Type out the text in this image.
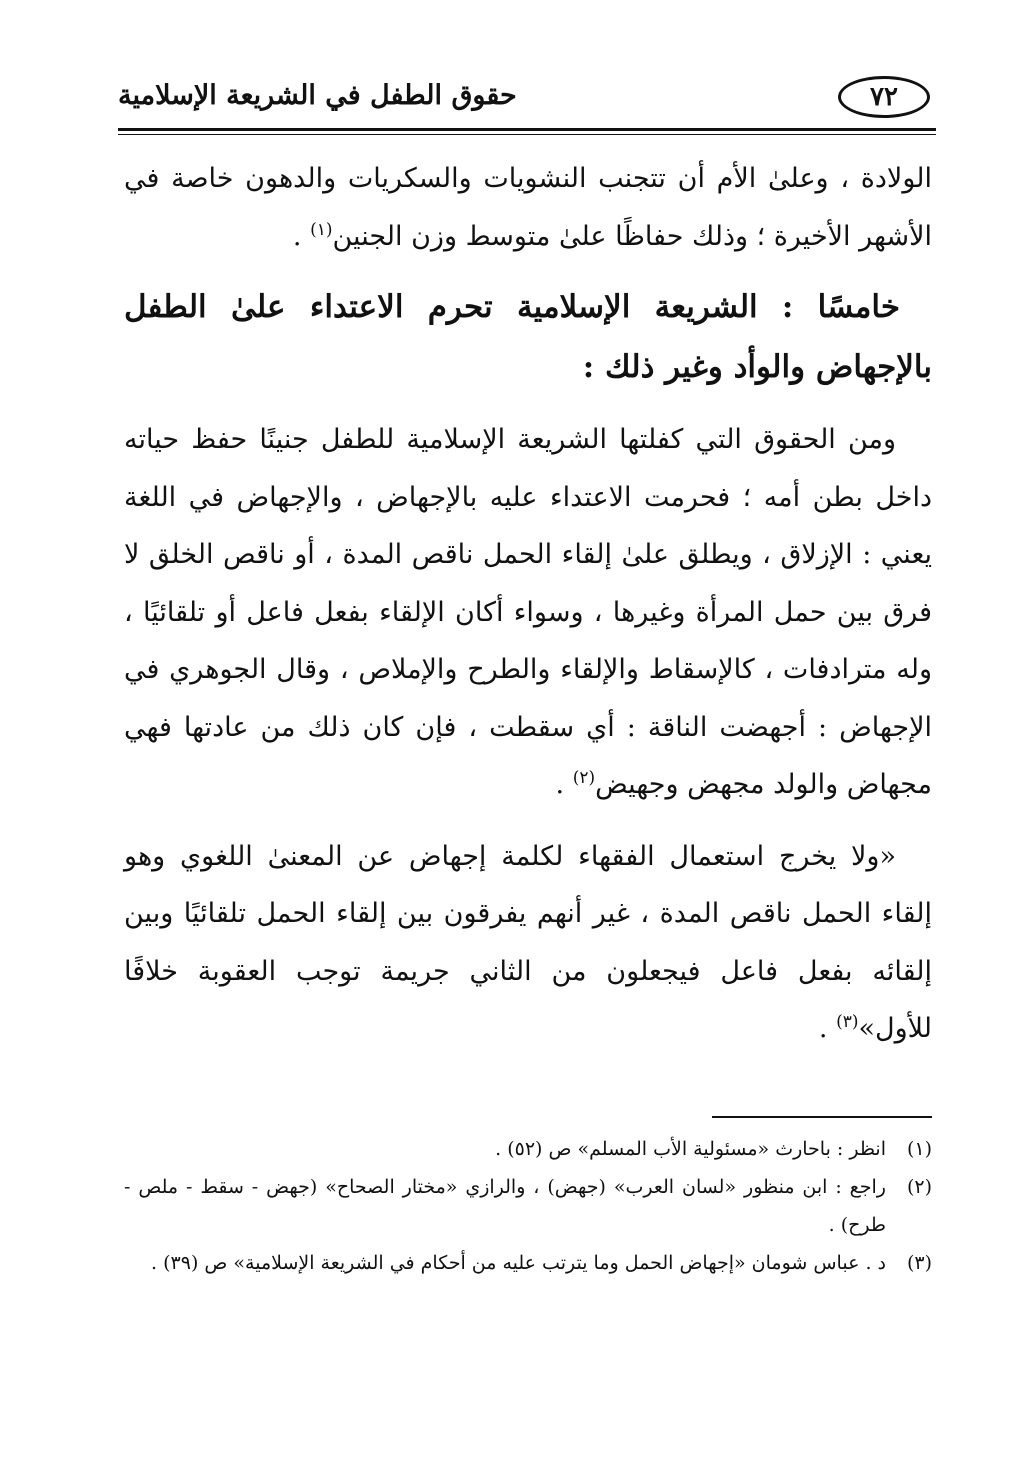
٧٢
حقوق الطفل في الشريعة الإسلامية

الولادة ، وعلىٰ الأم أن تتجنب النشويات والسكريات والدهون خاصة في الأشهر الأخيرة ؛ وذلك حفاظًا علىٰ متوسط وزن الجنين$^{(١)}$ .

خامسًا : الشريعة الإسلامية تحرم الاعتداء علىٰ الطفل بالإجهاض والوأد وغير ذلك :

ومن الحقوق التي كفلتها الشريعة الإسلامية للطفل جنينًا حفظ حياته داخل بطن أمه ؛ فحرمت الاعتداء عليه بالإجهاض ، والإجهاض في اللغة يعني : الإزلاق ، ويطلق علىٰ إلقاء الحمل ناقص المدة ، أو ناقص الخلق لا فرق بين حمل المرأة وغيرها ، وسواء أكان الإلقاء بفعل فاعل أو تلقائيًا ، وله مترادفات ، كالإسقاط والإلقاء والطرح والإملاص ، وقال الجوهري في الإجهاض : أجهضت الناقة : أي سقطت ، فإن كان ذلك من عادتها فهي مجهاض والولد مجهض وجهيض$^{(٢)}$ .

«ولا يخرج استعمال الفقهاء لكلمة إجهاض عن المعنىٰ اللغوي وهو إلقاء الحمل ناقص المدة ، غير أنهم يفرقون بين إلقاء الحمل تلقائيًا وبين إلقائه بفعل فاعل فيجعلون من الثاني جريمة توجب العقوبة خلافًا للأول»$^{(٣)}$ .

(١)انظر : باحارث «مسئولية الأب المسلم» ص (٥٢) .

(٢)راجع : ابن منظور «لسان العرب» (جهض) ، والرازي «مختار الصحاح» (جهض - سقط - ملص - طرح) .

(٣)د . عباس شومان «إجهاض الحمل وما يترتب عليه من أحكام في الشريعة الإسلامية» ص (٣٩) .
